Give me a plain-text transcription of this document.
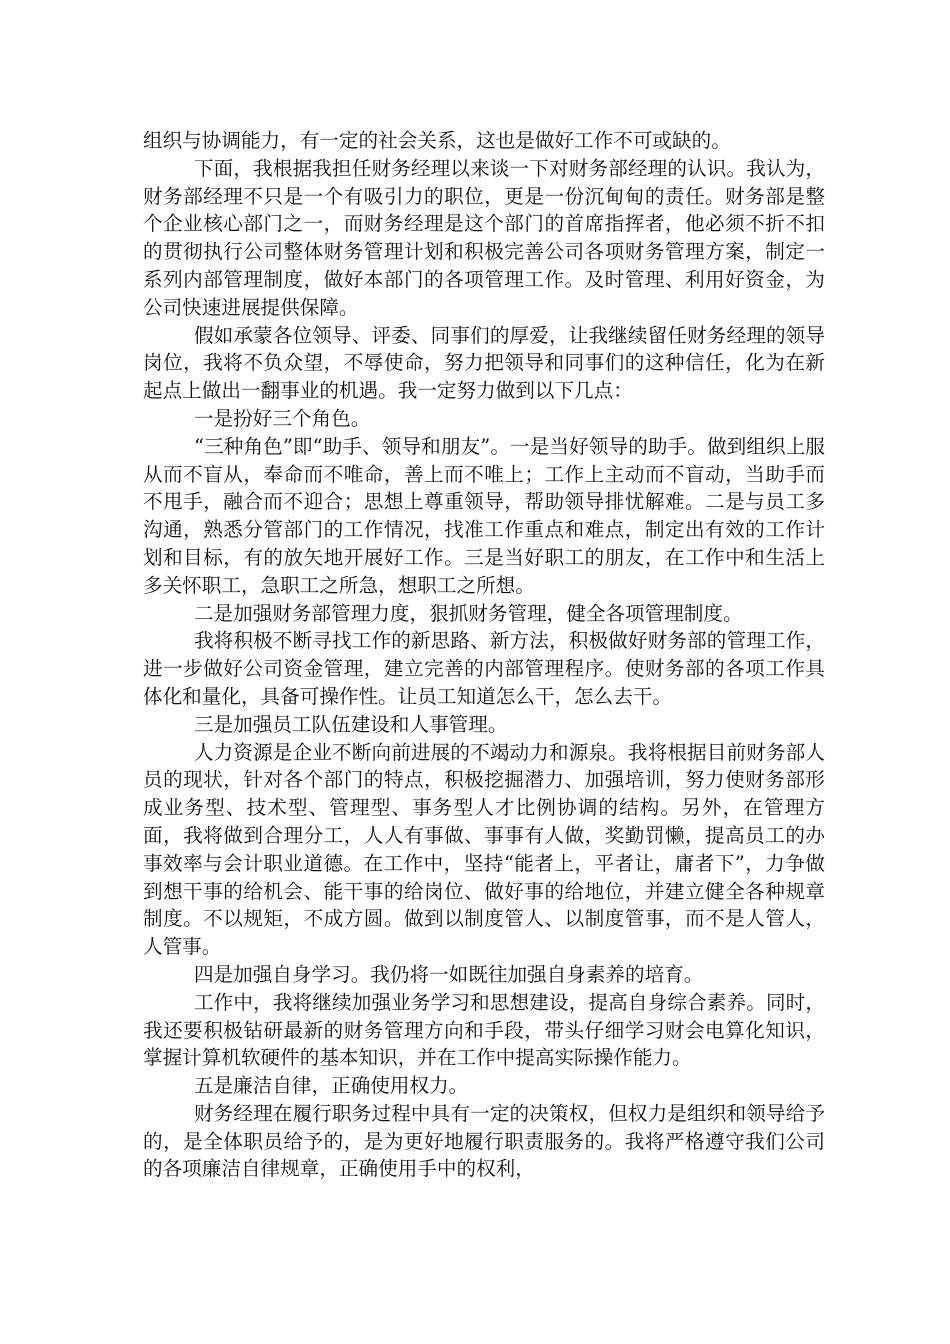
组织与协调能力，有一定的社会关系，这也是做好工作不可或缺的。

下面，我根据我担任财务经理以来谈一下对财务部经理的认识。我认为，财务部经理不只是一个有吸引力的职位，更是一份沉甸甸的责任。财务部是整个企业核心部门之一，而财务经理是这个部门的首席指挥者，他必须不折不扣的贯彻执行公司整体财务管理计划和积极完善公司各项财务管理方案，制定一系列内部管理制度，做好本部门的各项管理工作。及时管理、利用好资金，为公司快速进展提供保障。

假如承蒙各位领导、评委、同事们的厚爱，让我继续留任财务经理的领导岗位，我将不负众望，不辱使命，努力把领导和同事们的这种信任，化为在新起点上做出一翻事业的机遇。我一定努力做到以下几点：

一是扮好三个角色。

“三种角色”即“助手、领导和朋友”。一是当好领导的助手。做到组织上服从而不盲从，奉命而不唯命，善上而不唯上；工作上主动而不盲动，当助手而不甩手，融合而不迎合；思想上尊重领导，帮助领导排忧解难。二是与员工多沟通，熟悉分管部门的工作情况，找准工作重点和难点，制定出有效的工作计划和目标，有的放矢地开展好工作。三是当好职工的朋友，在工作中和生活上多关怀职工，急职工之所急，想职工之所想。

二是加强财务部管理力度，狠抓财务管理，健全各项管理制度。

我将积极不断寻找工作的新思路、新方法，积极做好财务部的管理工作，进一步做好公司资金管理，建立完善的内部管理程序。使财务部的各项工作具体化和量化，具备可操作性。让员工知道怎么干，怎么去干。

三是加强员工队伍建设和人事管理。

人力资源是企业不断向前进展的不竭动力和源泉。我将根据目前财务部人员的现状，针对各个部门的特点，积极挖掘潜力、加强培训，努力使财务部形成业务型、技术型、管理型、事务型人才比例协调的结构。另外，在管理方面，我将做到合理分工，人人有事做、事事有人做，奖勤罚懒，提高员工的办事效率与会计职业道德。在工作中，坚持“能者上，平者让，庸者下”，力争做到想干事的给机会、能干事的给岗位、做好事的给地位，并建立健全各种规章制度。不以规矩，不成方圆。做到以制度管人、以制度管事，而不是人管人，人管事。

四是加强自身学习。我仍将一如既往加强自身素养的培育。

工作中，我将继续加强业务学习和思想建设，提高自身综合素养。同时，我还要积极钻研最新的财务管理方向和手段，带头仔细学习财会电算化知识，掌握计算机软硬件的基本知识，并在工作中提高实际操作能力。

五是廉洁自律，正确使用权力。

财务经理在履行职务过程中具有一定的决策权，但权力是组织和领导给予的，是全体职员给予的，是为更好地履行职责服务的。我将严格遵守我们公司的各项廉洁自律规章，正确使用手中的权利，
